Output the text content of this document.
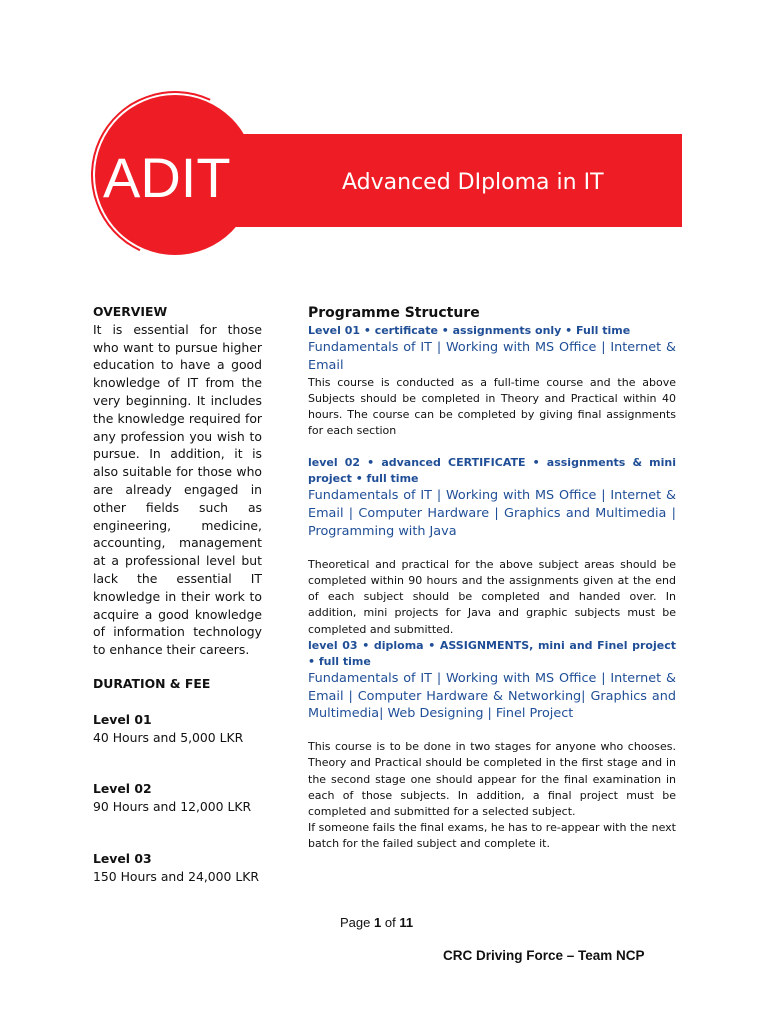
ADIT	Advanced DIploma in IT
OVERVIEW
It is essential for those who want to pursue higher education to have a good knowledge of IT from the very beginning. It includes the knowledge required for any profession you wish to pursue. In addition, it is also suitable for those who are already engaged in other fields such as engineering, medicine, accounting, management at a professional level but lack the essential IT knowledge in their work to acquire a good knowledge of information technology to enhance their careers.
DURATION & FEE
Level 01
40 Hours and 5,000 LKR
Level 02
90 Hours and 12,000 LKR
Level 03
150 Hours and 24,000 LKR
Programme Structure
Level 01 • certificate • assignments only • Full time
Fundamentals of IT | Working with MS Office | Internet & Email
This course is conducted as a full-time course and the above Subjects should be completed in Theory and Practical within 40 hours. The course can be completed by giving final assignments for each section
level 02 • advanced CERTIFICATE • assignments & mini project • full time
Fundamentals of IT | Working with MS Office | Internet & Email | Computer Hardware | Graphics and Multimedia | Programming with Java
Theoretical and practical for the above subject areas should be completed within 90 hours and the assignments given at the end of each subject should be completed and handed over. In addition, mini projects for Java and graphic subjects must be completed and submitted.
level 03 • diploma • ASSIGNMENTS, mini and Finel project • full time
Fundamentals of IT | Working with MS Office | Internet & Email | Computer Hardware & Networking| Graphics and Multimedia| Web Designing | Finel Project
This course is to be done in two stages for anyone who chooses. Theory and Practical should be completed in the first stage and in the second stage one should appear for the final examination in each of those subjects. In addition, a final project must be completed and submitted for a selected subject.
If someone fails the final exams, he has to re-appear with the next batch for the failed subject and complete it.
Page 1 of 11
CRC Driving Force – Team NCP
